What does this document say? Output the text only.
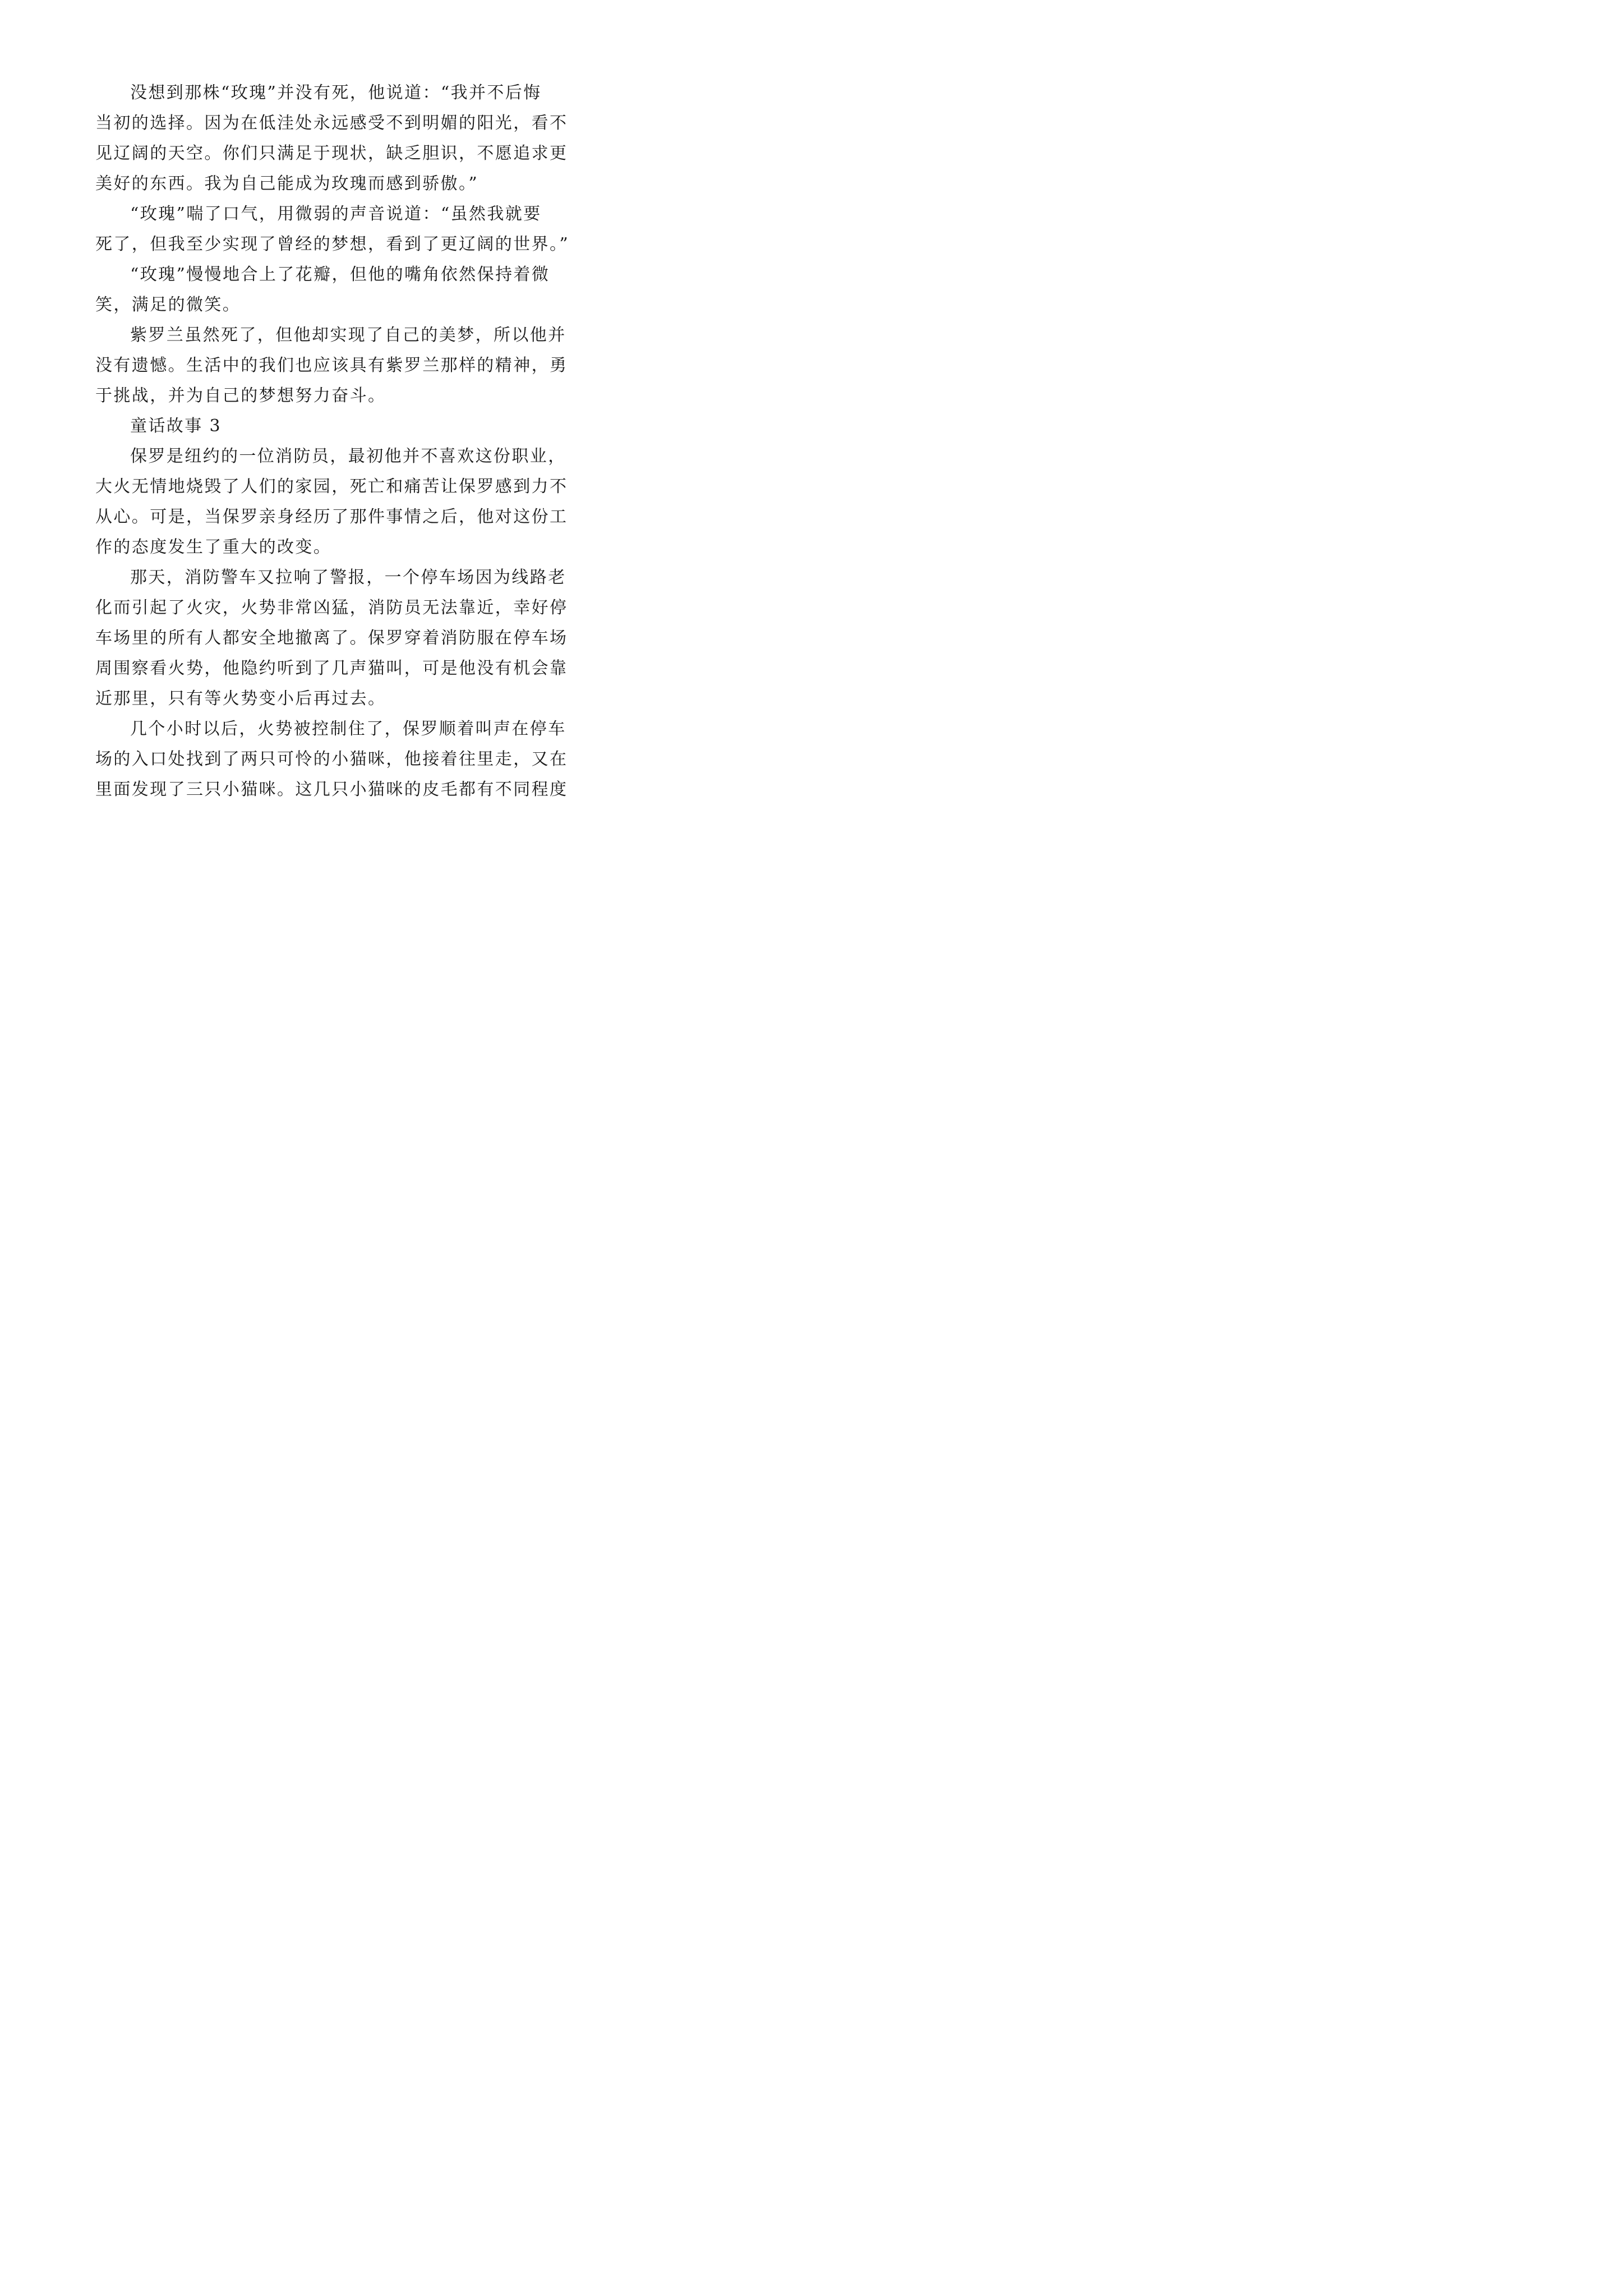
没想到那株“玫瑰”并没有死，他说道：“我并不后悔
当初的选择。因为在低洼处永远感受不到明媚的阳光，看不
见辽阔的天空。你们只满足于现状，缺乏胆识，不愿追求更
美好的东西。我为自己能成为玫瑰而感到骄傲。”
“玫瑰”喘了口气，用微弱的声音说道：“虽然我就要
死了，但我至少实现了曾经的梦想，看到了更辽阔的世界。”
“玫瑰”慢慢地合上了花瓣，但他的嘴角依然保持着微
笑，满足的微笑。
紫罗兰虽然死了，但他却实现了自己的美梦，所以他并
没有遗憾。生活中的我们也应该具有紫罗兰那样的精神，勇
于挑战，并为自己的梦想努力奋斗。
童话故事 3
保罗是纽约的一位消防员，最初他并不喜欢这份职业，
大火无情地烧毁了人们的家园，死亡和痛苦让保罗感到力不
从心。可是，当保罗亲身经历了那件事情之后，他对这份工
作的态度发生了重大的改变。
那天，消防警车又拉响了警报，一个停车场因为线路老
化而引起了火灾，火势非常凶猛，消防员无法靠近，幸好停
车场里的所有人都安全地撤离了。保罗穿着消防服在停车场
周围察看火势，他隐约听到了几声猫叫，可是他没有机会靠
近那里，只有等火势变小后再过去。
几个小时以后，火势被控制住了，保罗顺着叫声在停车
场的入口处找到了两只可怜的小猫咪，他接着往里走，又在
里面发现了三只小猫咪。这几只小猫咪的皮毛都有不同程度
